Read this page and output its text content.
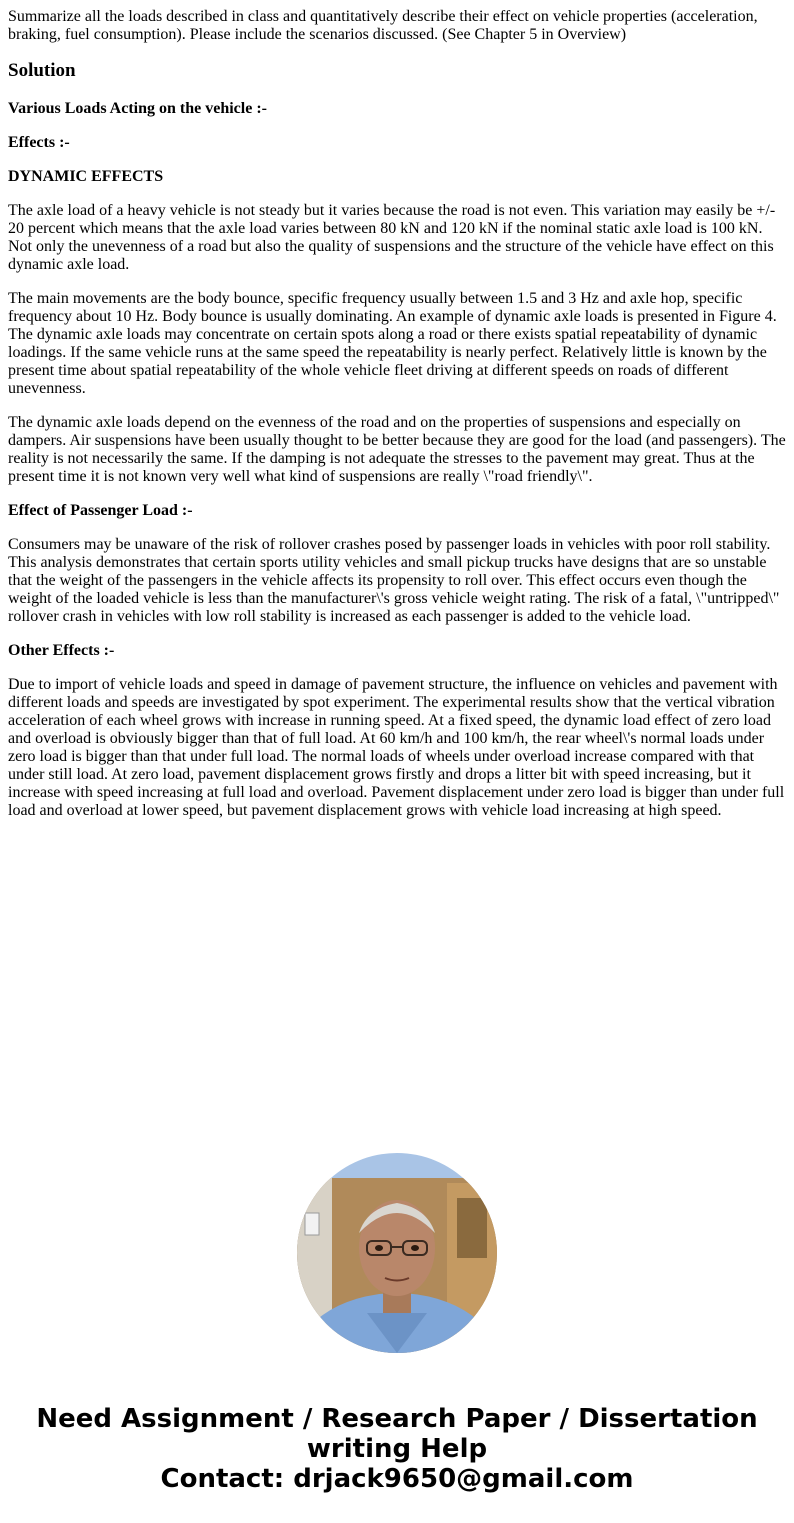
Summarize all the loads described in class and quantitatively describe their effect on vehicle properties (acceleration, braking, fuel consumption). Please include the scenarios discussed. (See Chapter 5 in Overview)

Solution

Various Loads Acting on the vehicle :-

Effects :-

DYNAMIC EFFECTS

The axle load of a heavy vehicle is not steady but it varies because the road is not even. This variation may easily be +/- 20 percent which means that the axle load varies between 80 kN and 120 kN if the nominal static axle load is 100 kN. Not only the unevenness of a road but also the quality of suspensions and the structure of the vehicle have effect on this dynamic axle load.

The main movements are the body bounce, specific frequency usually between 1.5 and 3 Hz and axle hop, specific frequency about 10 Hz. Body bounce is usually dominating. An example of dynamic axle loads is presented in Figure 4. The dynamic axle loads may concentrate on certain spots along a road or there exists spatial repeatability of dynamic loadings. If the same vehicle runs at the same speed the repeatability is nearly perfect. Relatively little is known by the present time about spatial repeatability of the whole vehicle fleet driving at different speeds on roads of different unevenness.

The dynamic axle loads depend on the evenness of the road and on the properties of suspensions and especially on dampers. Air suspensions have been usually thought to be better because they are good for the load (and passengers). The reality is not necessarily the same. If the damping is not adequate the stresses to the pavement may great. Thus at the present time it is not known very well what kind of suspensions are really \"road friendly\".

Effect of Passenger Load :-

Consumers may be unaware of the risk of rollover crashes posed by passenger loads in vehicles with poor roll stability. This analysis demonstrates that certain sports utility vehicles and small pickup trucks have designs that are so unstable that the weight of the passengers in the vehicle affects its propensity to roll over. This effect occurs even though the weight of the loaded vehicle is less than the manufacturer\'s gross vehicle weight rating. The risk of a fatal, \"untripped\" rollover crash in vehicles with low roll stability is increased as each passenger is added to the vehicle load.

Other Effects :-

Due to import of vehicle loads and speed in damage of pavement structure, the influence on vehicles and pavement with different loads and speeds are investigated by spot experiment. The experimental results show that the vertical vibration acceleration of each wheel grows with increase in running speed. At a fixed speed, the dynamic load effect of zero load and overload is obviously bigger than that of full load. At 60 km/h and 100 km/h, the rear wheel\'s normal loads under zero load is bigger than that under full load. The normal loads of wheels under overload increase compared with that under still load. At zero load, pavement displacement grows firstly and drops a litter bit with speed increasing, but it increase with speed increasing at full load and overload. Pavement displacement under zero load is bigger than under full load and overload at lower speed, but pavement displacement grows with vehicle load increasing at high speed.

Need Assignment / Research Paper / Dissertation
writing Help
Contact: drjack9650@gmail.com
